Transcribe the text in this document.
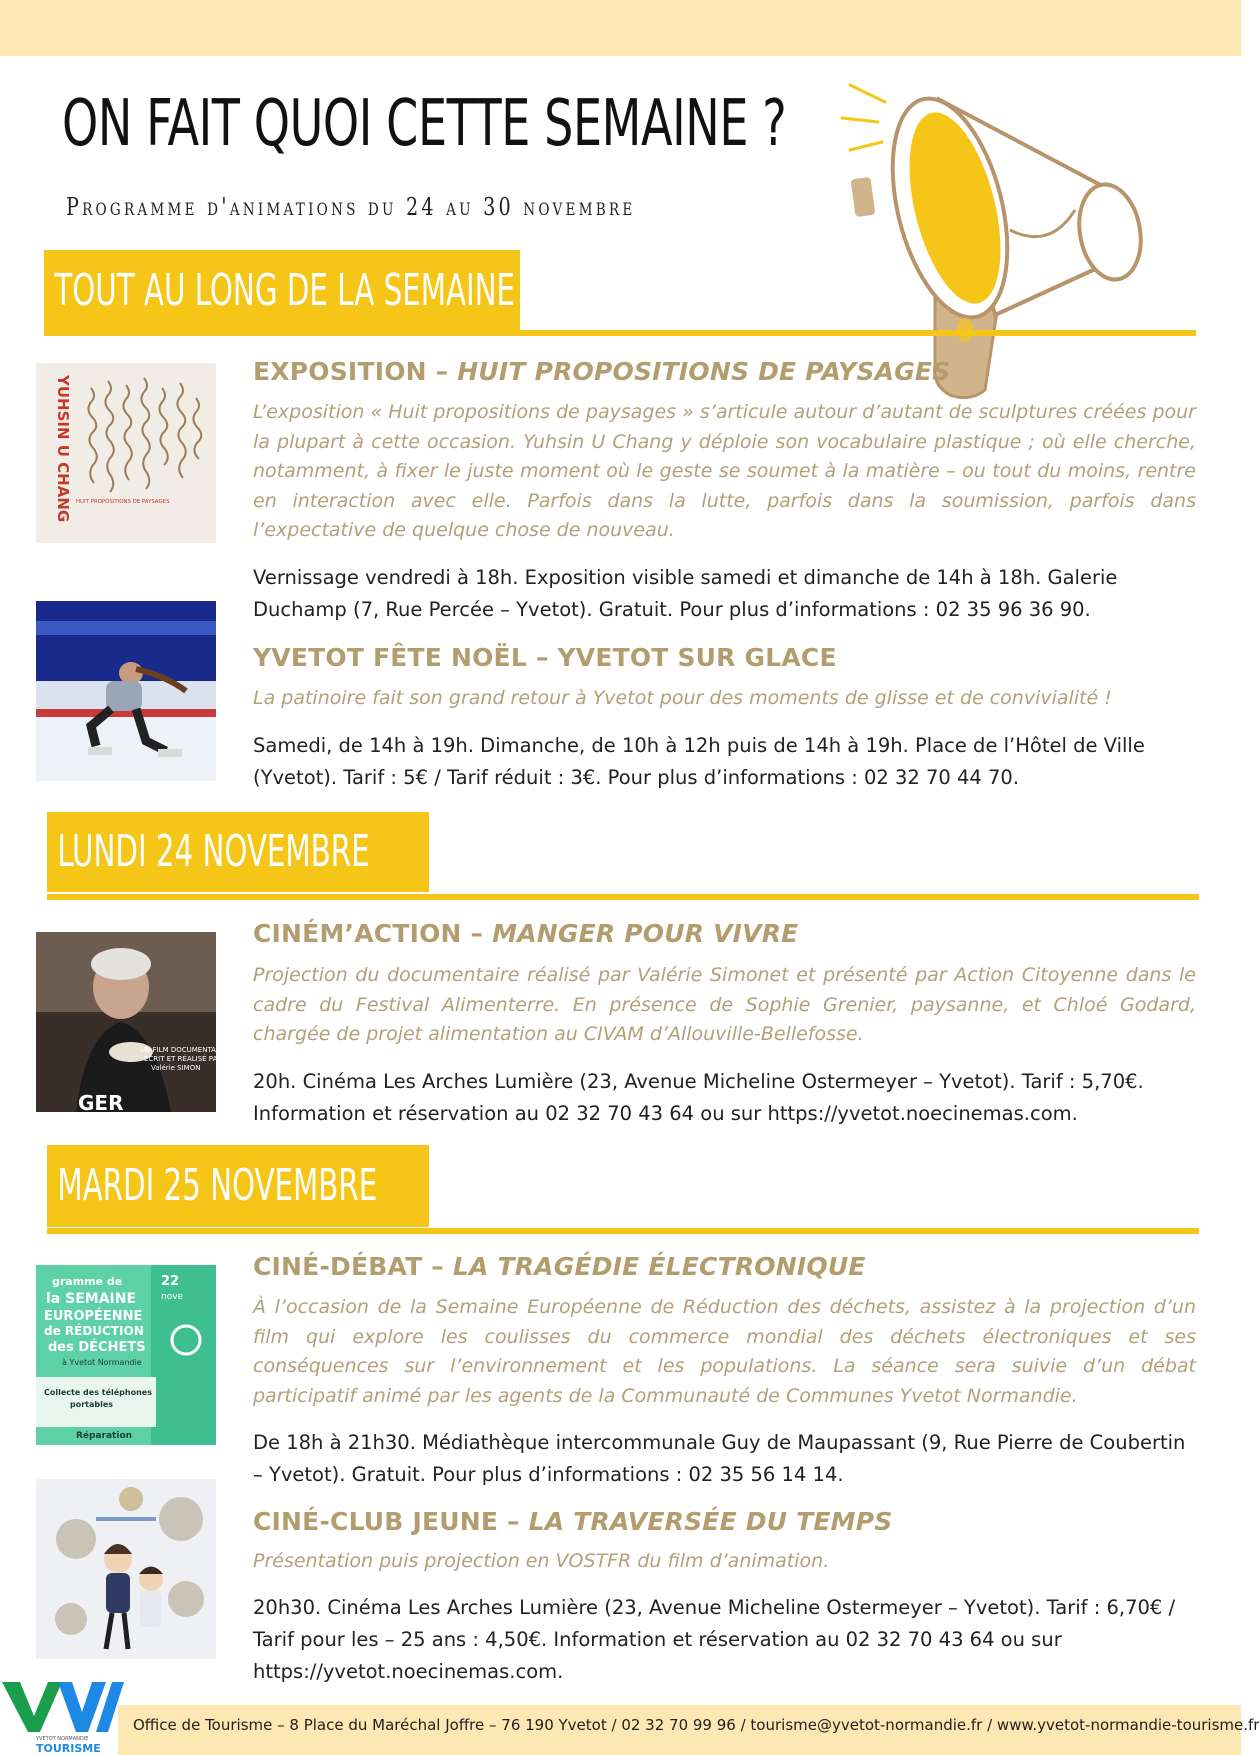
ON FAIT QUOI CETTE SEMAINE ?
Programme d'animations du 24 au 30 novembre
TOUT AU LONG DE LA SEMAINE
YUHSIN U CHANG HUIT PROPOSITIONS DE PAYSAGES
EXPOSITION – HUIT PROPOSITIONS DE PAYSAGES

L’exposition « Huit propositions de paysages » s’articule autour d’autant de sculptures créées pour la plupart à cette occasion. Yuhsin U Chang y déploie son vocabulaire plastique ; où elle cherche, notamment, à fixer le juste moment où le geste se soumet à la matière – ou tout du moins, rentre en interaction avec elle. Parfois dans la lutte, parfois dans la soumission, parfois dans l’expectative de quelque chose de nouveau.

Vernissage vendredi à 18h. Exposition visible samedi et dimanche de 14h à 18h. Galerie Duchamp (7, Rue Percée – Yvetot). Gratuit. Pour plus d’informations : 02 35 96 36 90.

YVETOT FÊTE NOËL – YVETOT SUR GLACE

La patinoire fait son grand retour à Yvetot pour des moments de glisse et de convivialité !

Samedi, de 14h à 19h. Dimanche, de 10h à 12h puis de 14h à 19h. Place de l’Hôtel de Ville (Yvetot). Tarif : 5€ / Tarif réduit : 3€. Pour plus d’informations : 02 32 70 44 70.

LUNDI 24 NOVEMBRE
UN FILM DOCUMENTAIRE
ÉCRIT ET RÉALISÉ PAR
Valérie SIMON
GER
CINÉM’ACTION – MANGER POUR VIVRE

Projection du documentaire réalisé par Valérie Simonet et présenté par Action Citoyenne dans le cadre du Festival Alimenterre. En présence de Sophie Grenier, paysanne, et Chloé Godard, chargée de projet alimentation au CIVAM d’Allouville-Bellefosse.

20h. Cinéma Les Arches Lumière (23, Avenue Micheline Ostermeyer – Yvetot). Tarif : 5,70€. Information et réservation au 02 32 70 43 64 ou sur https://yvetot.noecinemas.com.

MARDI 25 NOVEMBRE
gramme de
la SEMAINE
EUROPÉENNE
de RÉDUCTION
des DÉCHETS
à Yvetot Normandie
Collecte des téléphones
portables
Réparation
22
nove
CINÉ-DÉBAT – LA TRAGÉDIE ÉLECTRONIQUE

À l’occasion de la Semaine Européenne de Réduction des déchets, assistez à la projection d’un film qui explore les coulisses du commerce mondial des déchets électroniques et ses conséquences sur l’environnement et les populations. La séance sera suivie d’un débat participatif animé par les agents de la Communauté de Communes Yvetot Normandie.

De 18h à 21h30. Médiathèque intercommunale Guy de Maupassant (9, Rue Pierre de Coubertin – Yvetot). Gratuit. Pour plus d’informations : 02 35 56 14 14.

CINÉ-CLUB JEUNE – LA TRAVERSÉE DU TEMPS

Présentation puis projection en VOSTFR du film d’animation.

20h30. Cinéma Les Arches Lumière (23, Avenue Micheline Ostermeyer – Yvetot). Tarif : 6,70€ / Tarif pour les – 25 ans : 4,50€. Information et réservation au 02 32 70 43 64 ou sur https://yvetot.noecinemas.com.

YVETOT NORMANDIE
TOURISME
Office de Tourisme – 8 Place du Maréchal Joffre – 76 190 Yvetot / 02 32 70 99 96 / tourisme@yvetot-normandie.fr / www.yvetot-normandie-tourisme.fr
